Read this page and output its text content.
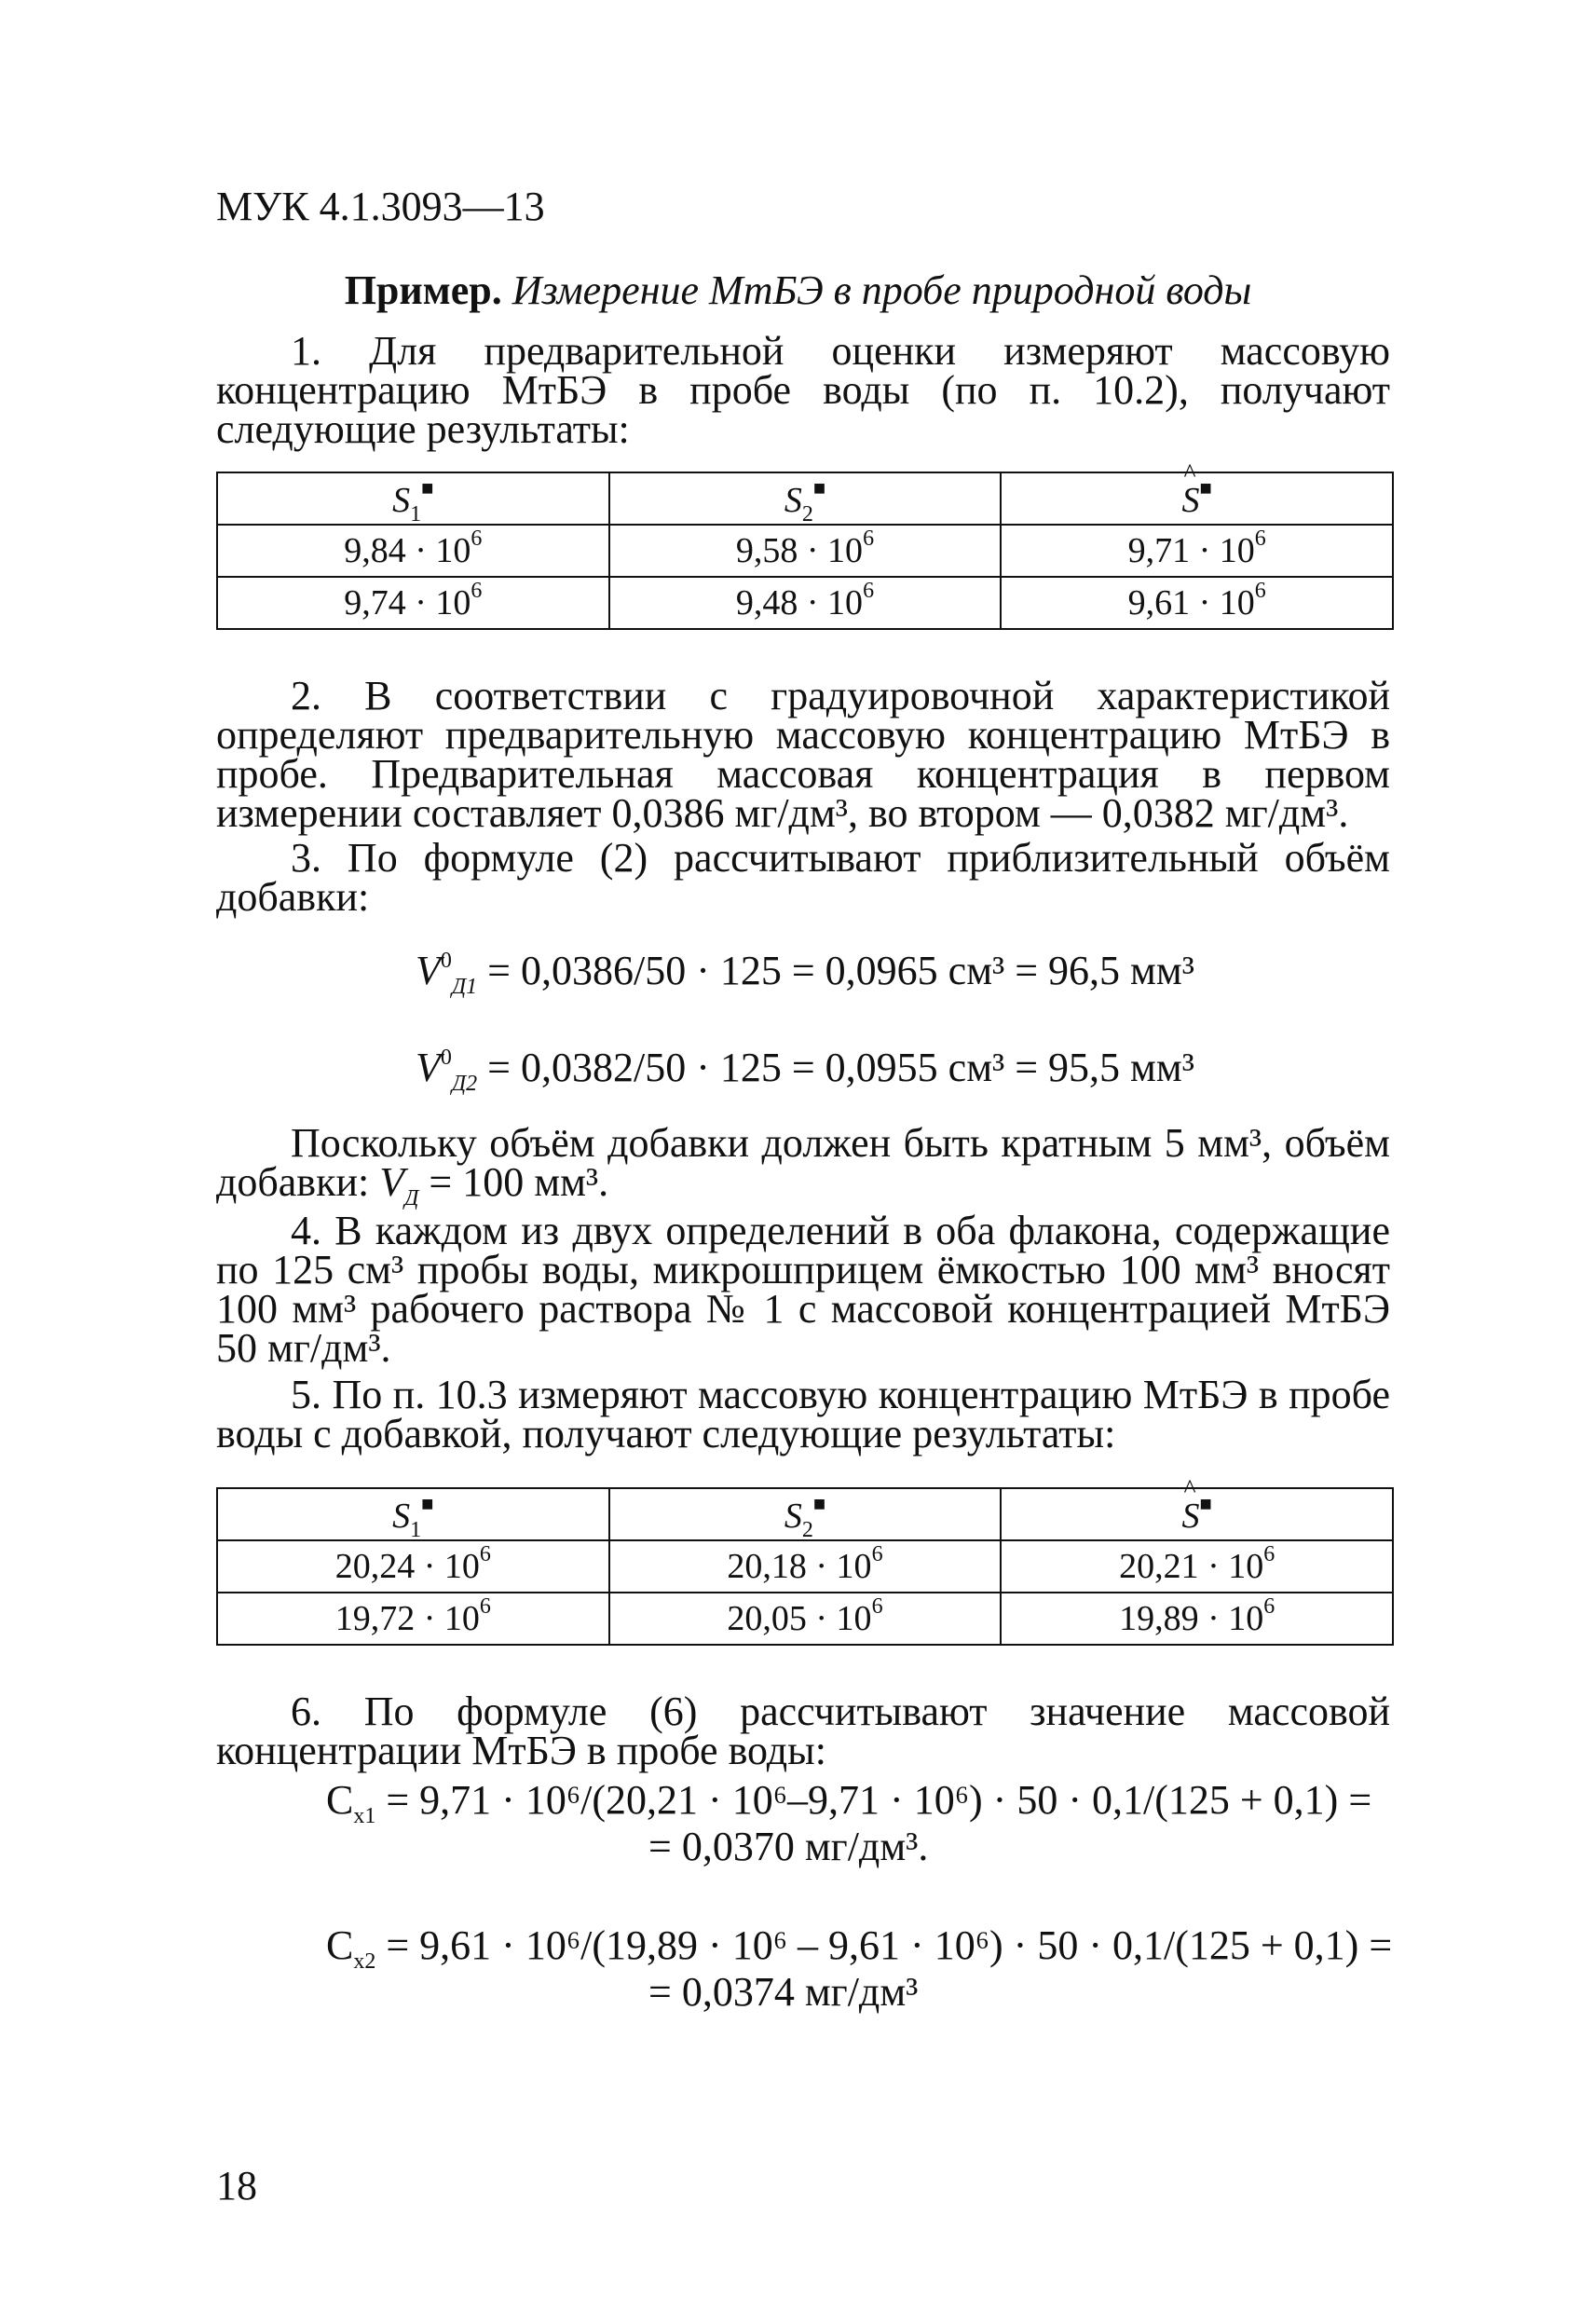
МУК 4.1.3093—13
Пример. Измерение МтБЭ в пробе природной воды
1. Для предварительной оценки измеряют массовую концентрацию МтБЭ в пробе воды (по п. 10.2), получают следующие результаты:
$S_1^■$	$S_2^■$	^ S■
$9,84 \cdot 10^6$	$9,58 \cdot 10^6$	$9,71 \cdot 10^6$
$9,74 \cdot 10^6$	$9,48 \cdot 10^6$	$9,61 \cdot 10^6$
2. В соответствии с градуировочной характеристикой определяют предварительную массовую концентрацию МтБЭ в пробе. Предварительная массовая концентрация в первом измерении составляет 0,0386 мг/дм³, во втором — 0,0382 мг/дм³.
3. По формуле (2) рассчитывают приблизительный объём добавки:
$V^0_{Д1} = 0,0386/50 \cdot 125 = 0,0965$ см³ = 96,5 мм³
$V^0_{Д2} = 0,0382/50 \cdot 125 = 0,0955$ см³ = 95,5 мм³
Поскольку объём добавки должен быть кратным 5 мм³, объём добавки: $V_Д = 100$ мм³.
4. В каждом из двух определений в оба флакона, содержащие по 125 см³ пробы воды, микрошприцем ёмкостью 100 мм³ вносят 100 мм³ рабочего раствора № 1 с массовой концентрацией МтБЭ 50 мг/дм³.
5. По п. 10.3 измеряют массовую концентрацию МтБЭ в пробе воды с добавкой, получают следующие результаты:
$S_1^■$	$S_2^■$	^ S■
$20,24 \cdot 10^6$	$20,18 \cdot 10^6$	$20,21 \cdot 10^6$
$19,72 \cdot 10^6$	$20,05 \cdot 10^6$	$19,89 \cdot 10^6$
6. По формуле (6) рассчитывают значение массовой концентрации МтБЭ в пробе воды:
$С_{х1} = 9,71 \cdot 10^6/(20,21 \cdot 10^6-9,71 \cdot 10^6) \cdot 50 \cdot 0,1/(125 + 0,1)$ =
= 0,0370 мг/дм³.
$С_{х2} = 9,61 \cdot 10^6/(19,89 \cdot 10^6 - 9,61 \cdot 10^6) \cdot 50 \cdot 0,1/(125 + 0,1)$ =
= 0,0374 мг/дм³
18
